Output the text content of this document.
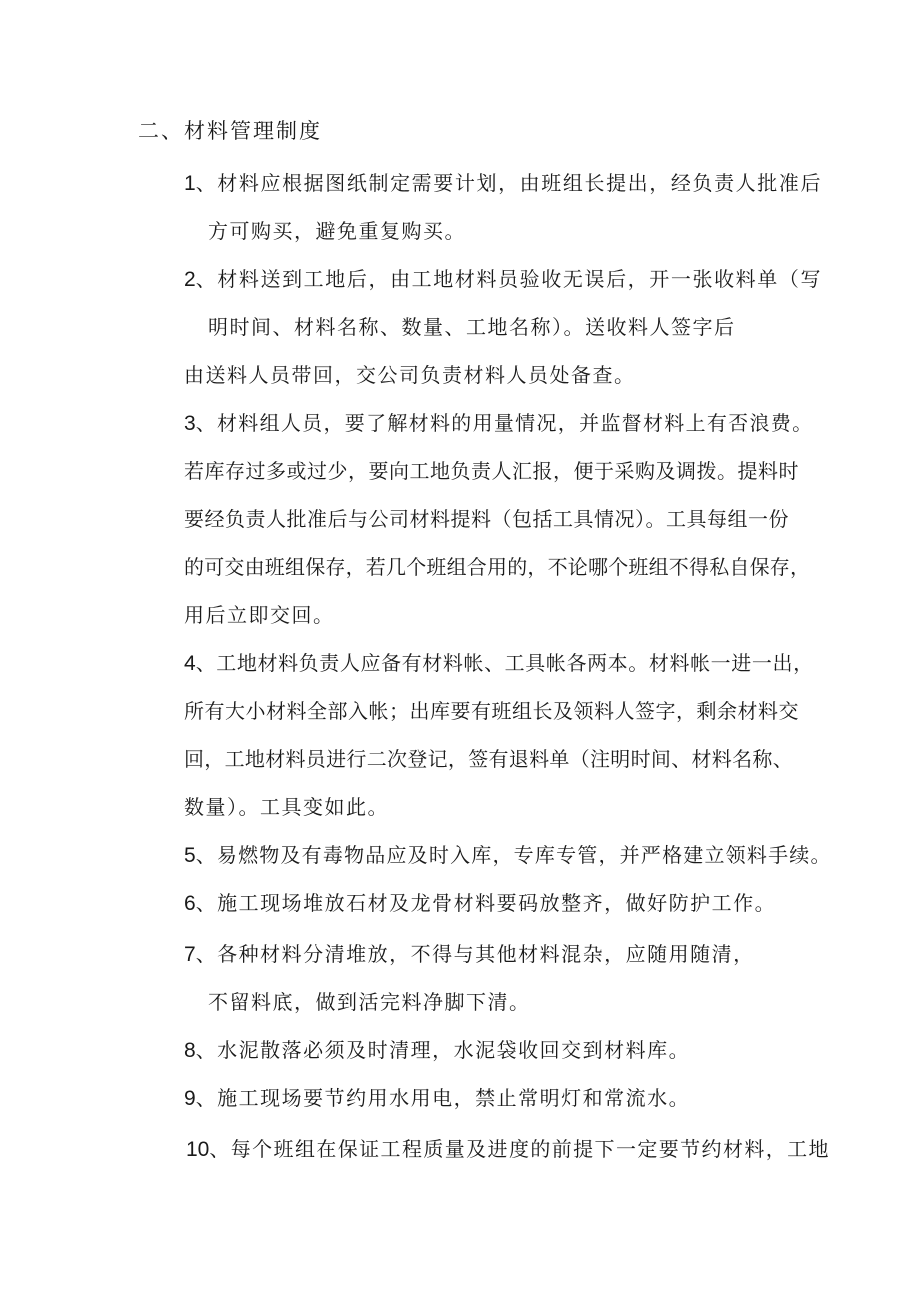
二、材料管理制度
1、材料应根据图纸制定需要计划，由班组长提出，经负责人批准后
方可购买，避免重复购买。
2、材料送到工地后，由工地材料员验收无误后，开一张收料单（写
明时间、材料名称、数量、工地名称）。送收料人签字后
由送料人员带回，交公司负责材料人员处备查。
3、材料组人员，要了解材料的用量情况，并监督材料上有否浪费。
若库存过多或过少，要向工地负责人汇报，便于采购及调拨。提料时
要经负责人批准后与公司材料提料（包括工具情况）。工具每组一份
的可交由班组保存，若几个班组合用的，不论哪个班组不得私自保存，
用后立即交回。
4、工地材料负责人应备有材料帐、工具帐各两本。材料帐一进一出，
所有大小材料全部入帐；出库要有班组长及领料人签字，剩余材料交
回，工地材料员进行二次登记，签有退料单（注明时间、材料名称、
数量）。工具变如此。
5、易燃物及有毒物品应及时入库，专库专管，并严格建立领料手续。
6、施工现场堆放石材及龙骨材料要码放整齐，做好防护工作。
7、各种材料分清堆放，不得与其他材料混杂，应随用随清，
不留料底，做到活完料净脚下清。
8、水泥散落必须及时清理，水泥袋收回交到材料库。
9、施工现场要节约用水用电，禁止常明灯和常流水。
10、每个班组在保证工程质量及进度的前提下一定要节约材料，工地
